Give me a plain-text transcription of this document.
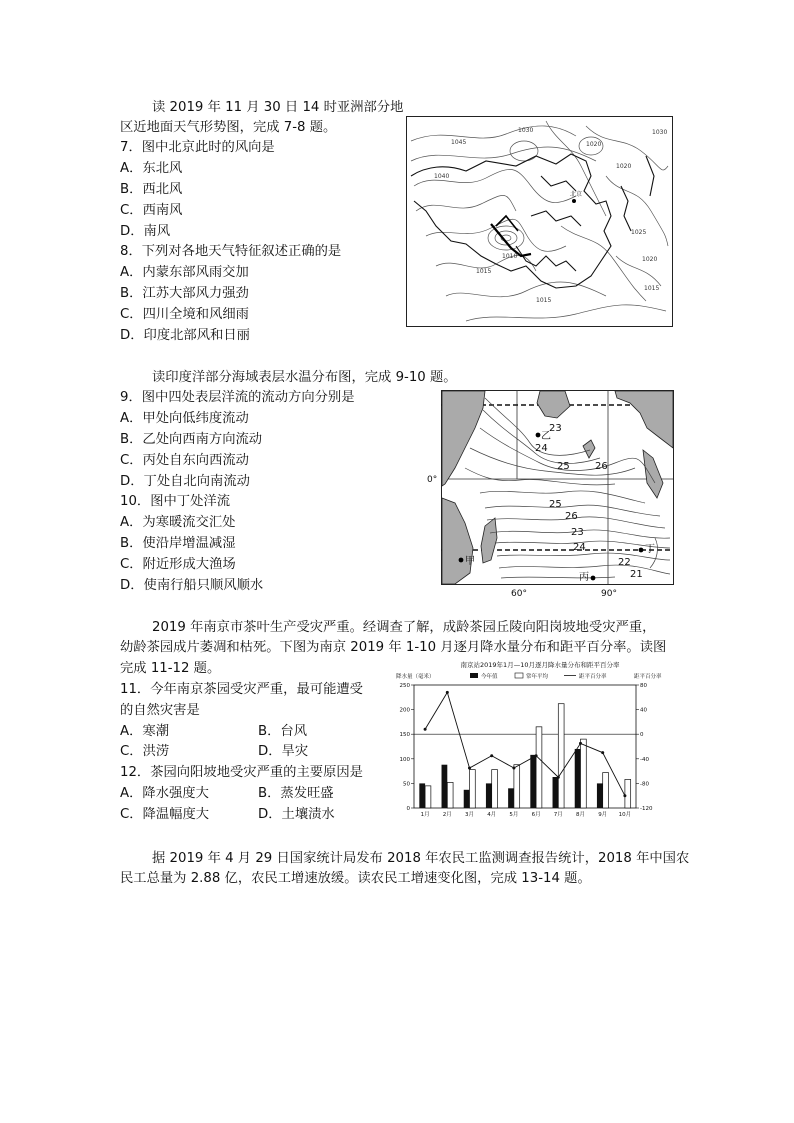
读 2019 年 11 月 30 日 14 时亚洲部分地
区近地面天气形势图，完成 7-8 题。
7．图中北京此时的风向是
A．东北风
B．西北风
C．西南风
D．南风
8．下列对各地天气特征叙述正确的是
A．内蒙东部风雨交加
B．江苏大部风力强劲
C．四川全境和风细雨
D．印度北部风和日丽
1045
1040
1030
1020
1015
1010
1015
1020
1025
1015
1030
1020
北京
读印度洋部分海域表层水温分布图，完成 9-10 题。
9．图中四处表层洋流的流动方向分别是
A．甲处向低纬度流动
B．乙处向西南方向流动
C．丙处自东向西流动
D．丁处自北向南流动
10．图中丁处洋流
A．为寒暖流交汇处
B．使沿岸增温减湿
C．附近形成大渔场
D．使南行船只顺风顺水
23
24
25	26
26
25
24
23
22
21
甲
乙
丙
丁
0°
60°	90°
2019 年南京市茶叶生产受灾严重。经调查了解，成龄茶园丘陵向阳岗坡地受灾严重，
幼龄茶园成片萎凋和枯死。下图为南京 2019 年 1-10 月逐月降水量分布和距平百分率。读图
完成 11-12 题。
11．今年南京茶园受灾严重，最可能遭受
的自然灾害是
A．寒潮	B．台风
C．洪涝	D．旱灾
12．茶园向阳坡地受灾严重的主要原因是
A．降水强度大	B．蒸发旺盛
C．降温幅度大	D．土壤渍水
南京站2019年1月—10月逐月降水量分布和距平百分率
降水量（毫米）	距平百分率
今年值	常年平均	距平百分率
0
50
100
150
200
250
-120
-80
-40
0
40
80
1月 2月 3月 4月 5月 6月 7月 8月 9月 10月
据 2019 年 4 月 29 日国家统计局发布 2018 年农民工监测调查报告统计，2018 年中国农
民工总量为 2.88 亿，农民工增速放缓。读农民工增速变化图，完成 13-14 题。
